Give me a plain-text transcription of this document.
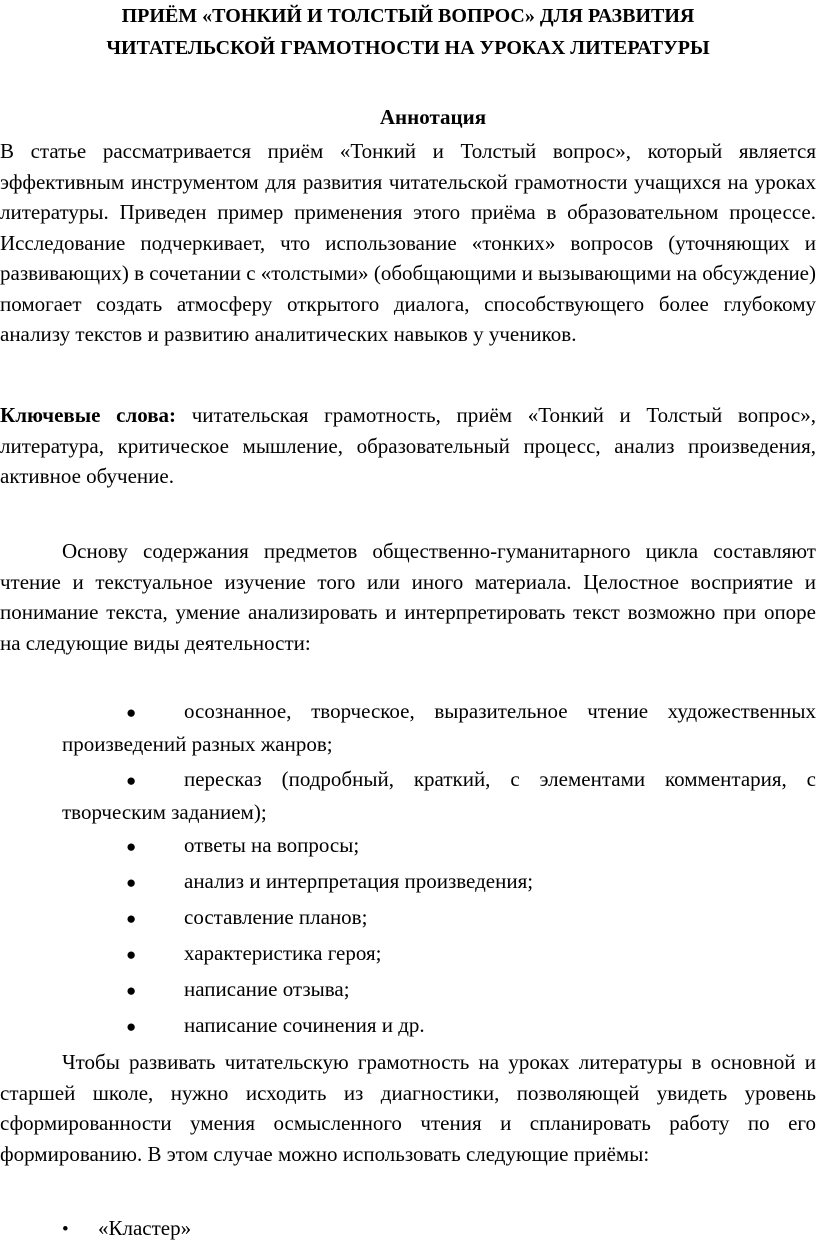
ПРИЁМ «ТОНКИЙ И ТОЛСТЫЙ ВОПРОС» ДЛЯ РАЗВИТИЯ
ЧИТАТЕЛЬСКОЙ ГРАМОТНОСТИ НА УРОКАХ ЛИТЕРАТУРЫ
Аннотация

В статье рассматривается приём «Тонкий и Толстый вопрос», который является эффективным инструментом для развития читательской грамотности учащихся на уроках литературы. Приведен пример применения этого приёма в образовательном процессе. Исследование подчеркивает, что использование «тонких» вопросов (уточняющих и развивающих) в сочетании с «толстыми» (обобщающими и вызывающими на обсуждение) помогает создать атмосферу открытого диалога, способствующего более глубокому анализу текстов и развитию аналитических навыков у учеников.

Ключевые слова: читательская грамотность, приём «Тонкий и Толстый вопрос», литература, критическое мышление, образовательный процесс, анализ произведения, активное обучение.

Основу содержания предметов общественно-гуманитарного цикла составляют чтение и текстуальное изучение того или иного материала. Целостное восприятие и понимание текста, умение анализировать и интерпретировать текст возможно при опоре на следующие виды деятельности:

● осознанное, творческое, выразительное чтение художественных произведений разных жанров;

● пересказ (подробный, краткий, с элементами комментария, с творческим заданием);

● ответы на вопросы;

● анализ и интерпретация произведения;

● составление планов;

● характеристика героя;

● написание отзыва;

● написание сочинения и др.

Чтобы развивать читательскую грамотность на уроках литературы в основной и старшей школе, нужно исходить из диагностики, позволяющей увидеть уровень сформированности умения осмысленного чтения и спланировать работу по его формированию. В этом случае можно использовать следующие приёмы:

• «Кластер»
